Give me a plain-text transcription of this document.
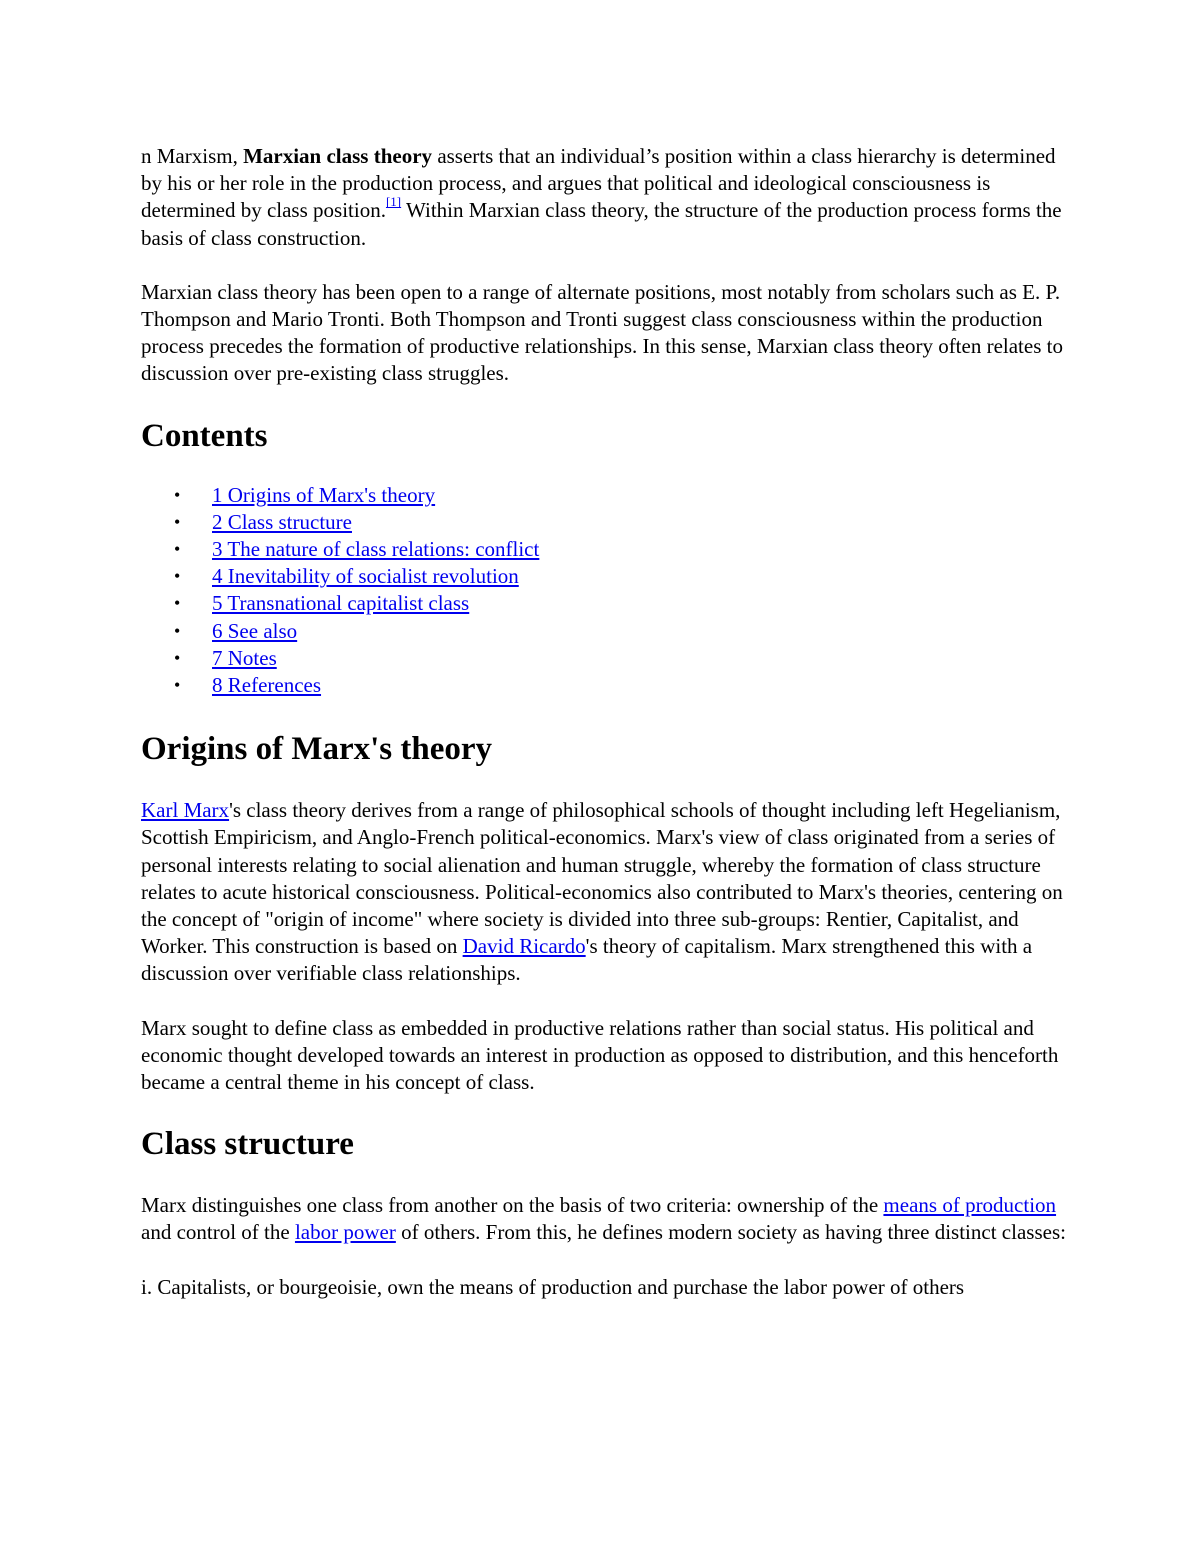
n Marxism, Marxian class theory asserts that an individual’s position within a class hierarchy is determined by his or her role in the production process, and argues that political and ideological consciousness is determined by class position.[1] Within Marxian class theory, the structure of the production process forms the basis of class construction.

Marxian class theory has been open to a range of alternate positions, most notably from scholars such as E. P. Thompson and Mario Tronti. Both Thompson and Tronti suggest class consciousness within the production process precedes the formation of productive relationships. In this sense, Marxian class theory often relates to discussion over pre-existing class struggles.

Contents
• 1 Origins of Marx's theory
• 2 Class structure
• 3 The nature of class relations: conflict
• 4 Inevitability of socialist revolution
• 5 Transnational capitalist class
• 6 See also
• 7 Notes
• 8 References
Origins of Marx's theory

Karl Marx's class theory derives from a range of philosophical schools of thought including left Hegelianism, Scottish Empiricism, and Anglo-French political-economics. Marx's view of class originated from a series of personal interests relating to social alienation and human struggle, whereby the formation of class structure relates to acute historical consciousness. Political-economics also contributed to Marx's theories, centering on the concept of "origin of income" where society is divided into three sub-groups: Rentier, Capitalist, and Worker. This construction is based on David Ricardo's theory of capitalism. Marx strengthened this with a discussion over verifiable class relationships.

Marx sought to define class as embedded in productive relations rather than social status. His political and economic thought developed towards an interest in production as opposed to distribution, and this henceforth became a central theme in his concept of class.

Class structure

Marx distinguishes one class from another on the basis of two criteria: ownership of the means of production and control of the labor power of others. From this, he defines modern society as having three distinct classes:

i. Capitalists, or bourgeoisie, own the means of production and purchase the labor power of others
